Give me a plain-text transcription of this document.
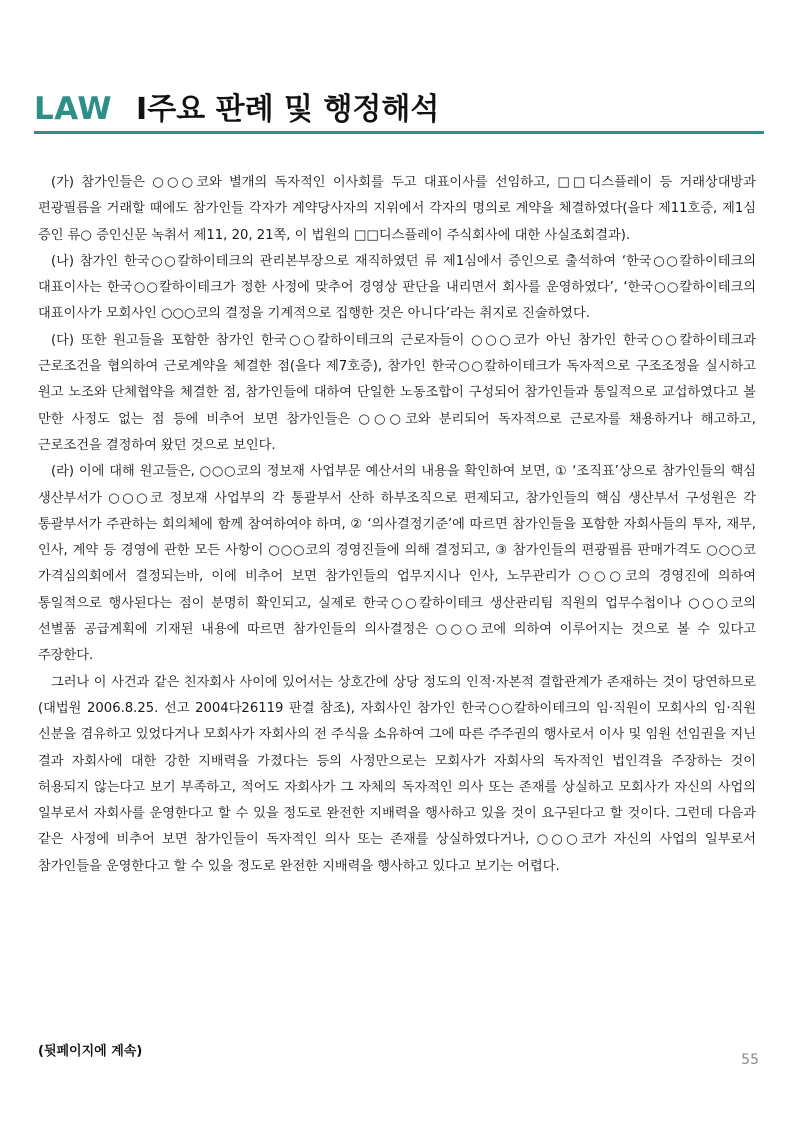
LAW Ⅰ주요 판례 및 행정해석

(가) 참가인들은 ○○○코와 별개의 독자적인 이사회를 두고 대표이사를 선임하고, □□디스플레이 등 거래상대방과 편광필름을 거래할 때에도 참가인들 각자가 계약당사자의 지위에서 각자의 명의로 계약을 체결하였다(을다 제11호증, 제1심 증인 류○ 증인신문 녹취서 제11, 20, 21쪽, 이 법원의 □□디스플레이 주식회사에 대한 사실조회결과).

(나) 참가인 한국○○칼하이테크의 관리본부장으로 재직하였던 류 제1심에서 증인으로 출석하여 ‘한국○○칼하이테크의 대표이사는 한국○○칼하이테크가 정한 사정에 맞추어 경영상 판단을 내리면서 회사를 운영하였다’, ‘한국○○칼하이테크의 대표이사가 모회사인 ○○○코의 결정을 기계적으로 집행한 것은 아니다’라는 취지로 진술하였다.

(다) 또한 원고들을 포함한 참가인 한국○○칼하이테크의 근로자들이 ○○○코가 아닌 참가인 한국○○칼하이테크과 근로조건을 협의하여 근로계약을 체결한 점(을다 제7호증), 참가인 한국○○칼하이테크가 독자적으로 구조조정을 실시하고 원고 노조와 단체협약을 체결한 점, 참가인들에 대하여 단일한 노동조합이 구성되어 참가인들과 통일적으로 교섭하였다고 볼 만한 사정도 없는 점 등에 비추어 보면 참가인들은 ○○○코와 분리되어 독자적으로 근로자를 채용하거나 해고하고, 근로조건을 결정하여 왔던 것으로 보인다.

(라) 이에 대해 원고들은, ○○○코의 정보재 사업부문 예산서의 내용을 확인하여 보면, ① ‘조직표’상으로 참가인들의 핵심 생산부서가 ○○○코 정보재 사업부의 각 통괄부서 산하 하부조직으로 편제되고, 참가인들의 핵심 생산부서 구성원은 각 통괄부서가 주관하는 회의체에 함께 참여하여야 하며, ② ‘의사결정기준’에 따르면 참가인들을 포함한 자회사들의 투자, 재무, 인사, 계약 등 경영에 관한 모든 사항이 ○○○코의 경영진들에 의해 결정되고, ③ 참가인들의 편광필름 판매가격도 ○○○코 가격심의회에서 결정되는바, 이에 비추어 보면 참가인들의 업무지시나 인사, 노무관리가 ○○○코의 경영진에 의하여 통일적으로 행사된다는 점이 분명히 확인되고, 실제로 한국○○칼하이테크 생산관리팀 직원의 업무수첩이나 ○○○코의 선별품 공급계획에 기재된 내용에 따르면 참가인들의 의사결정은 ○○○코에 의하여 이루어지는 것으로 볼 수 있다고 주장한다.

그러나 이 사건과 같은 친자회사 사이에 있어서는 상호간에 상당 정도의 인적·자본적 결합관계가 존재하는 것이 당연하므로(대법원 2006.8.25. 선고 2004다26119 판결 참조), 자회사인 참가인 한국○○칼하이테크의 임·직원이 모회사의 임·직원 신분을 겸유하고 있었다거나 모회사가 자회사의 전 주식을 소유하여 그에 따른 주주권의 행사로서 이사 및 임원 선임권을 지닌 결과 자회사에 대한 강한 지배력을 가졌다는 등의 사정만으로는 모회사가 자회사의 독자적인 법인격을 주장하는 것이 허용되지 않는다고 보기 부족하고, 적어도 자회사가 그 자체의 독자적인 의사 또는 존재를 상실하고 모회사가 자신의 사업의 일부로서 자회사를 운영한다고 할 수 있을 정도로 완전한 지배력을 행사하고 있을 것이 요구된다고 할 것이다. 그런데 다음과 같은 사정에 비추어 보면 참가인들이 독자적인 의사 또는 존재를 상실하였다거나, ○○○코가 자신의 사업의 일부로서 참가인들을 운영한다고 할 수 있을 정도로 완전한 지배력을 행사하고 있다고 보기는 어렵다.

(뒷페이지에 계속)
55
